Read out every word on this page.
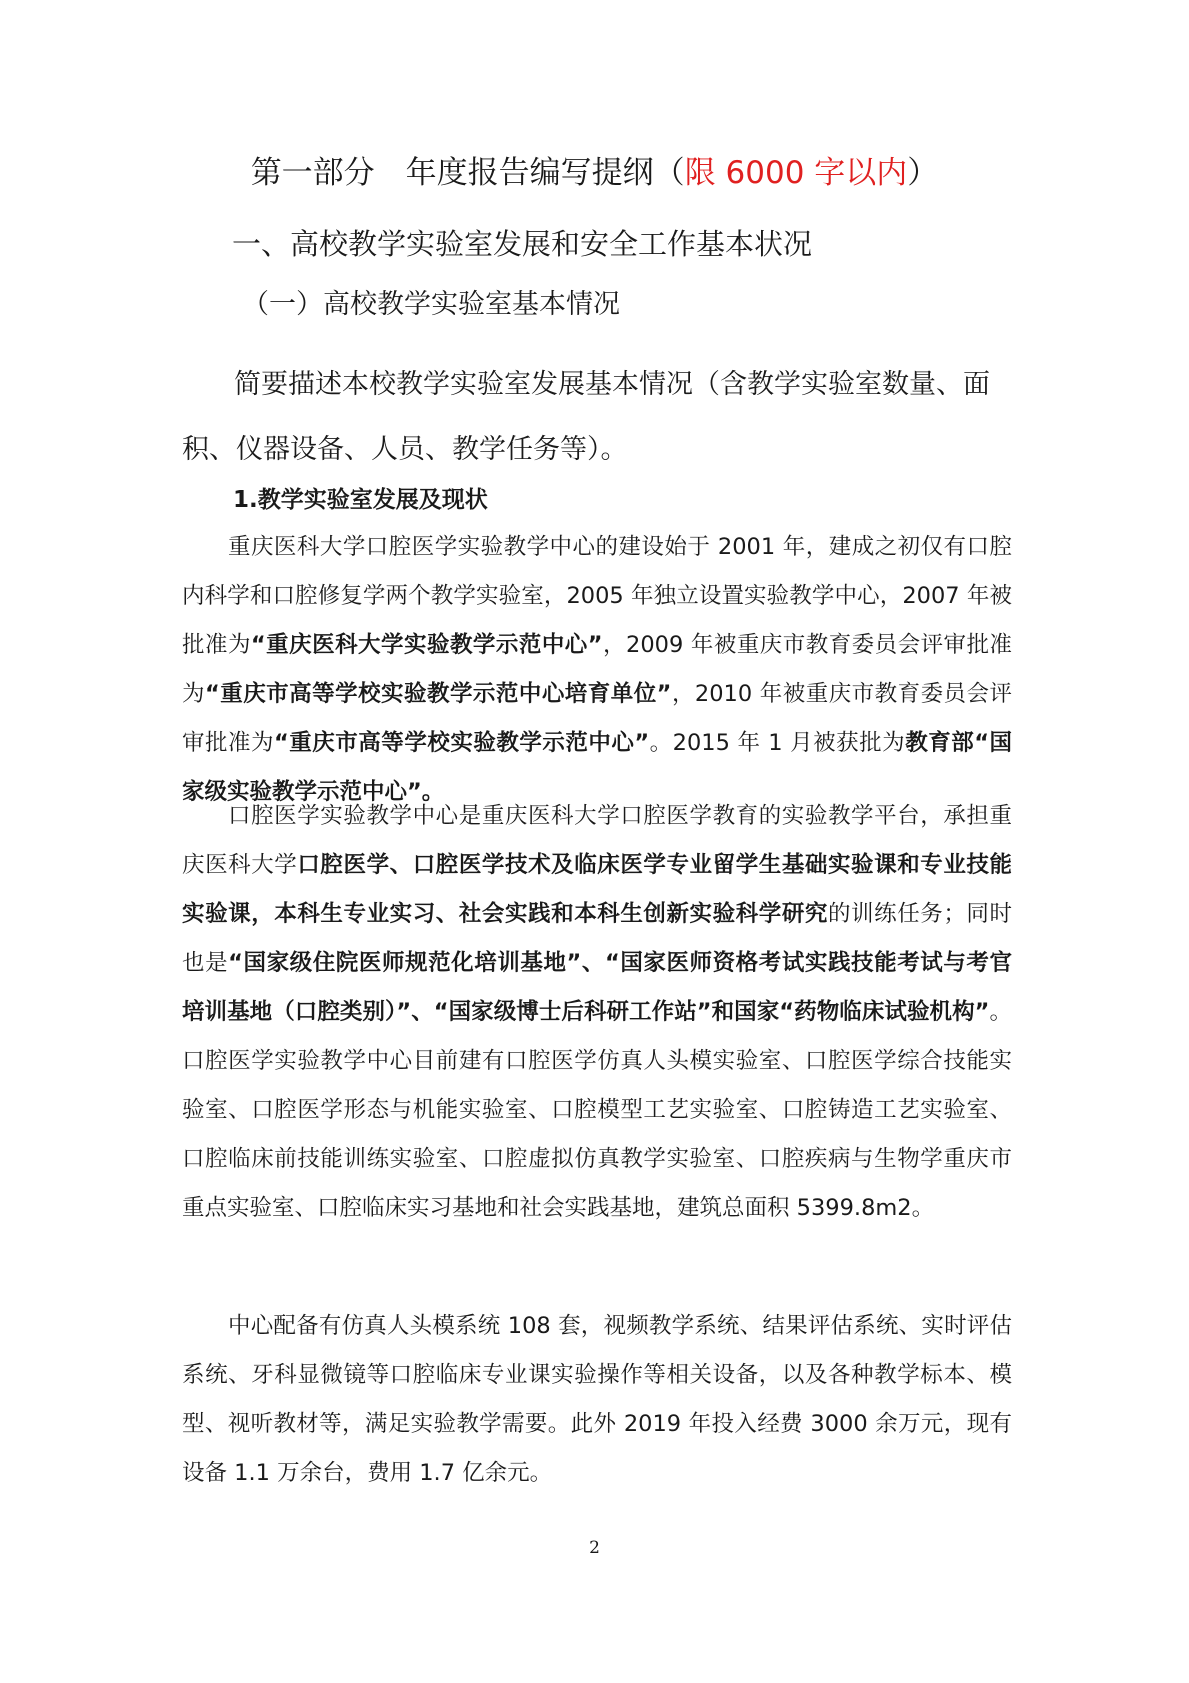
第一部分　年度报告编写提纲（限 6000 字以内）
一、高校教学实验室发展和安全工作基本状况
（一）高校教学实验室基本情况
简要描述本校教学实验室发展基本情况（含教学实验室数量、面积、仪器设备、人员、教学任务等）。
1.教学实验室发展及现状
重庆医科大学口腔医学实验教学中心的建设始于 2001 年，建成之初仅有口腔内科学和口腔修复学两个教学实验室，2005 年独立设置实验教学中心，2007 年被批准为“重庆医科大学实验教学示范中心”，2009 年被重庆市教育委员会评审批准为“重庆市高等学校实验教学示范中心培育单位”，2010 年被重庆市教育委员会评审批准为“重庆市高等学校实验教学示范中心”。2015 年 1 月被获批为教育部“国家级实验教学示范中心”。
口腔医学实验教学中心是重庆医科大学口腔医学教育的实验教学平台，承担重庆医科大学口腔医学、口腔医学技术及临床医学专业留学生基础实验课和专业技能实验课，本科生专业实习、社会实践和本科生创新实验科学研究的训练任务；同时也是“国家级住院医师规范化培训基地”、“国家医师资格考试实践技能考试与考官培训基地（口腔类别）”、“国家级博士后科研工作站”和国家“药物临床试验机构”。口腔医学实验教学中心目前建有口腔医学仿真人头模实验室、口腔医学综合技能实验室、口腔医学形态与机能实验室、口腔模型工艺实验室、口腔铸造工艺实验室、口腔临床前技能训练实验室、口腔虚拟仿真教学实验室、口腔疾病与生物学重庆市重点实验室、口腔临床实习基地和社会实践基地，建筑总面积 5399.8m2。
中心配备有仿真人头模系统 108 套，视频教学系统、结果评估系统、实时评估系统、牙科显微镜等口腔临床专业课实验操作等相关设备，以及各种教学标本、模型、视听教材等，满足实验教学需要。此外 2019 年投入经费 3000 余万元，现有设备 1.1 万余台，费用 1.7 亿余元。
2
